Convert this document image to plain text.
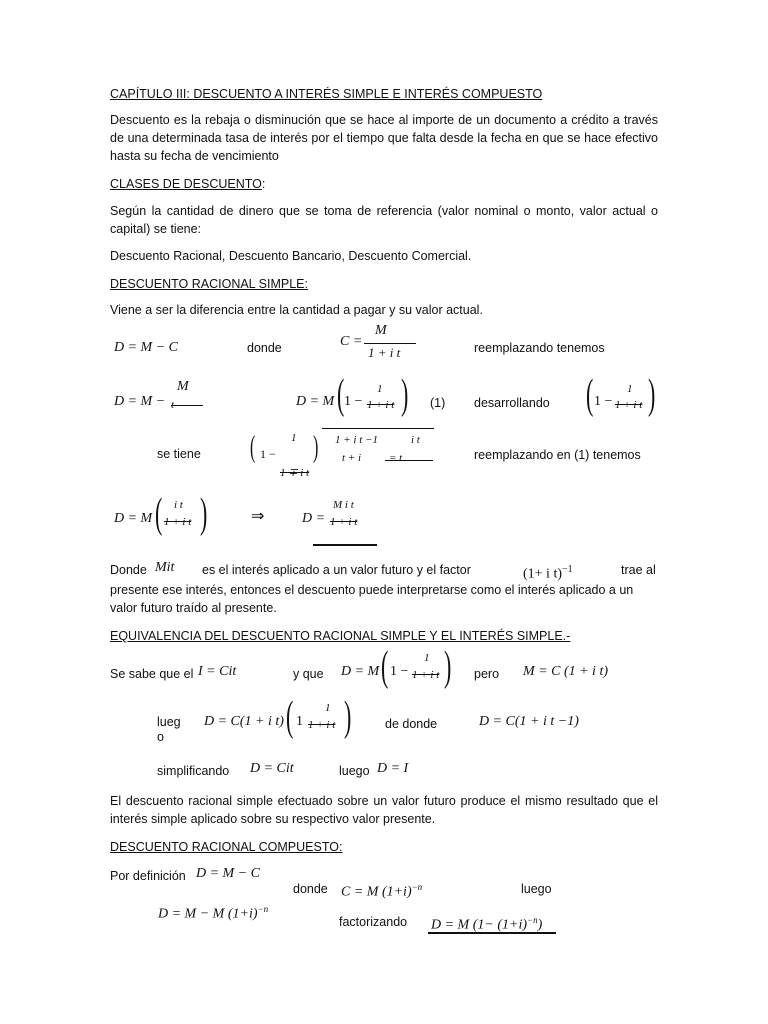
CAPÍTULO III: DESCUENTO A INTERÉS SIMPLE E INTERÉS COMPUESTO
Descuento es la rebaja o disminución que se hace al importe de un documento a crédito a través de una determinada tasa de interés por el tiempo que falta desde la fecha en que se hace efectivo hasta su fecha de vencimiento
CLASES DE DESCUENTO:
Según la cantidad de dinero que se toma de referencia (valor nominal o monto, valor actual o capital) se tiene:
Descuento Racional, Descuento Bancario, Descuento Comercial.
DESCUENTO RACIONAL SIMPLE:
Viene a ser la diferencia entre la cantidad a pagar y su valor actual.
D = M − C	donde	C =
M
1 + i t	reemplazando tenemos
D = M −
M
t	D = M ( 1 −
1
1 + i t ) (1) desarrollando ( 1 −
1
1 + i t )
se tiene	( 1 −
1
1 ∓ i t
) 1 + i t −1	i t
t + i	= t	reemplazando en (1) tenemos
D = M ( i t
1 + i t )	⇒	D =
M i t
1 + i t
Donde Mit es el interés aplicado a un valor futuro y el factor	(1+ i t)$^{-1}$	trae al
presente ese interés, entonces el descuento puede interpretarse como el interés aplicado a un
valor futuro traído al presente.
EQUIVALENCIA DEL DESCUENTO RACIONAL SIMPLE Y EL INTERÉS SIMPLE.-
Se sabe que el I = Cit	y que D = M ( 1 −
1
1 + i t ) pero M = C (1 + i t)
lueg
o
D = C(1 + i t) ( 1
1
1 + i t )	de donde	D = C(1 + i t −1)
simplificando D = Cit	luego D = I
El descuento racional simple efectuado sobre un valor futuro produce el mismo resultado que el interés simple aplicado sobre su respectivo valor presente.
DESCUENTO RACIONAL COMPUESTO:
Por definición D = M − C
donde C = M $(1+i)^{-n}$	luego
D = M − M $(1+i)^{-n}$
factorizando D = M $(1- (1+i)^{-n})$
